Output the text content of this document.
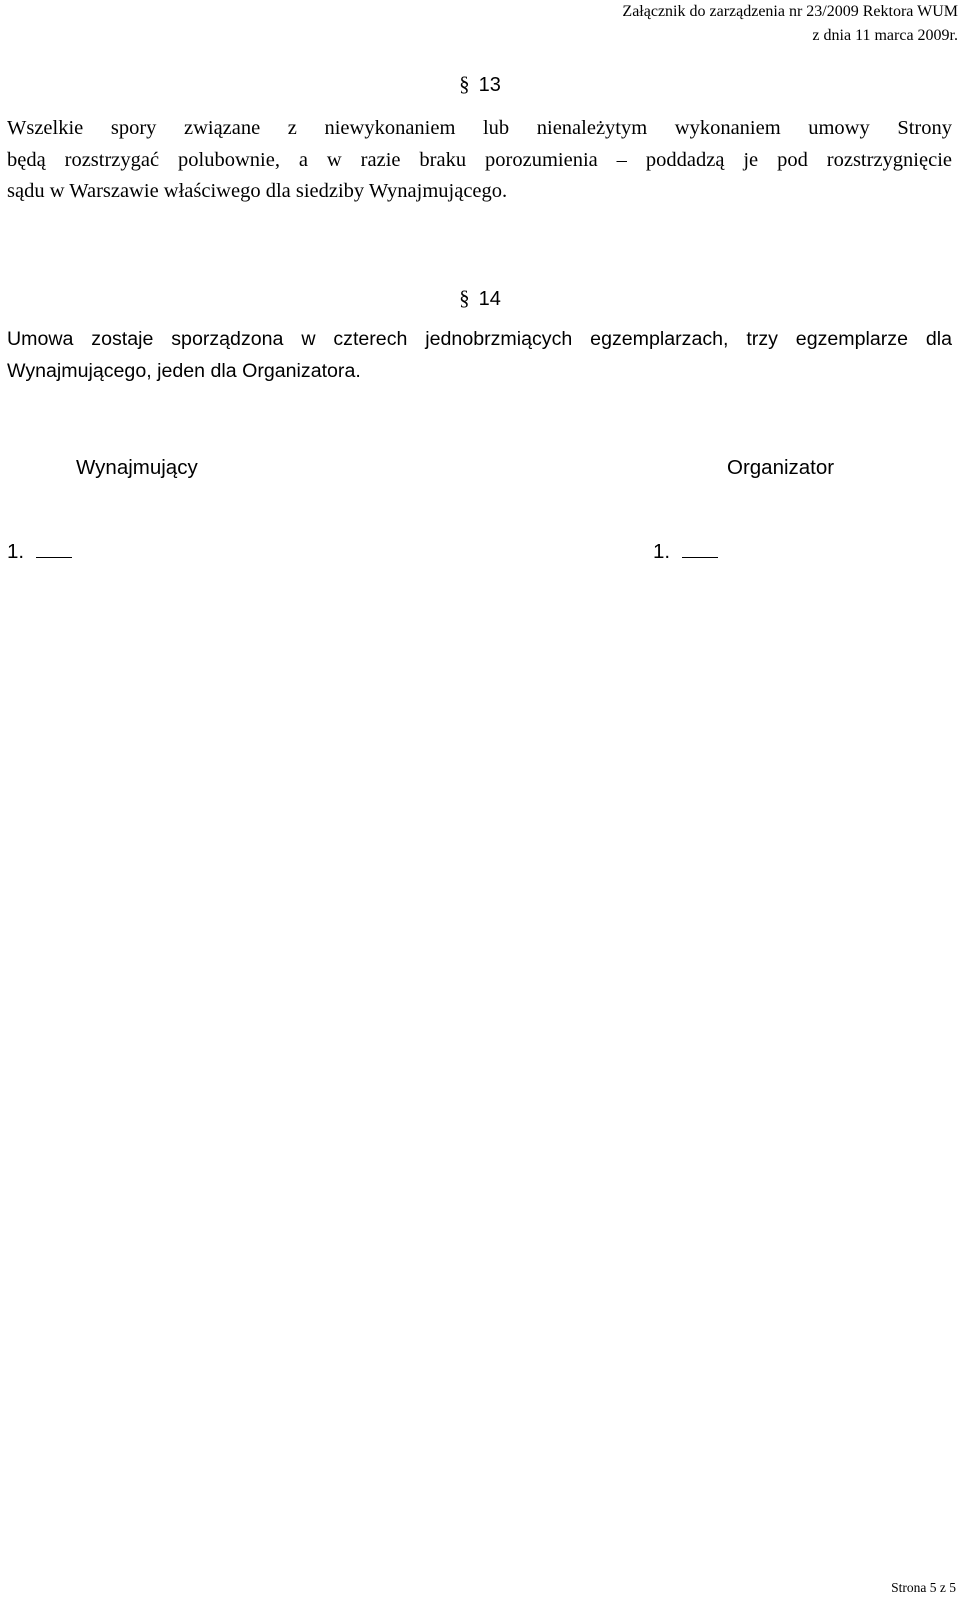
Załącznik do zarządzenia nr 23/2009 Rektora WUM
z dnia 11 marca 2009r.
§ 13
Wszelkie spory związane z niewykonaniem lub nienależytym wykonaniem umowy Strony
będą rozstrzygać polubownie, a w razie braku porozumienia – poddadzą je pod rozstrzygnięcie
sądu w Warszawie właściwego dla siedziby Wynajmującego.
§ 14
Umowa zostaje sporządzona w czterech jednobrzmiących egzemplarzach, trzy egzemplarze dla
Wynajmującego, jeden dla Organizatora.
Wynajmujący	Organizator
1.	1.
Strona 5 z 5
